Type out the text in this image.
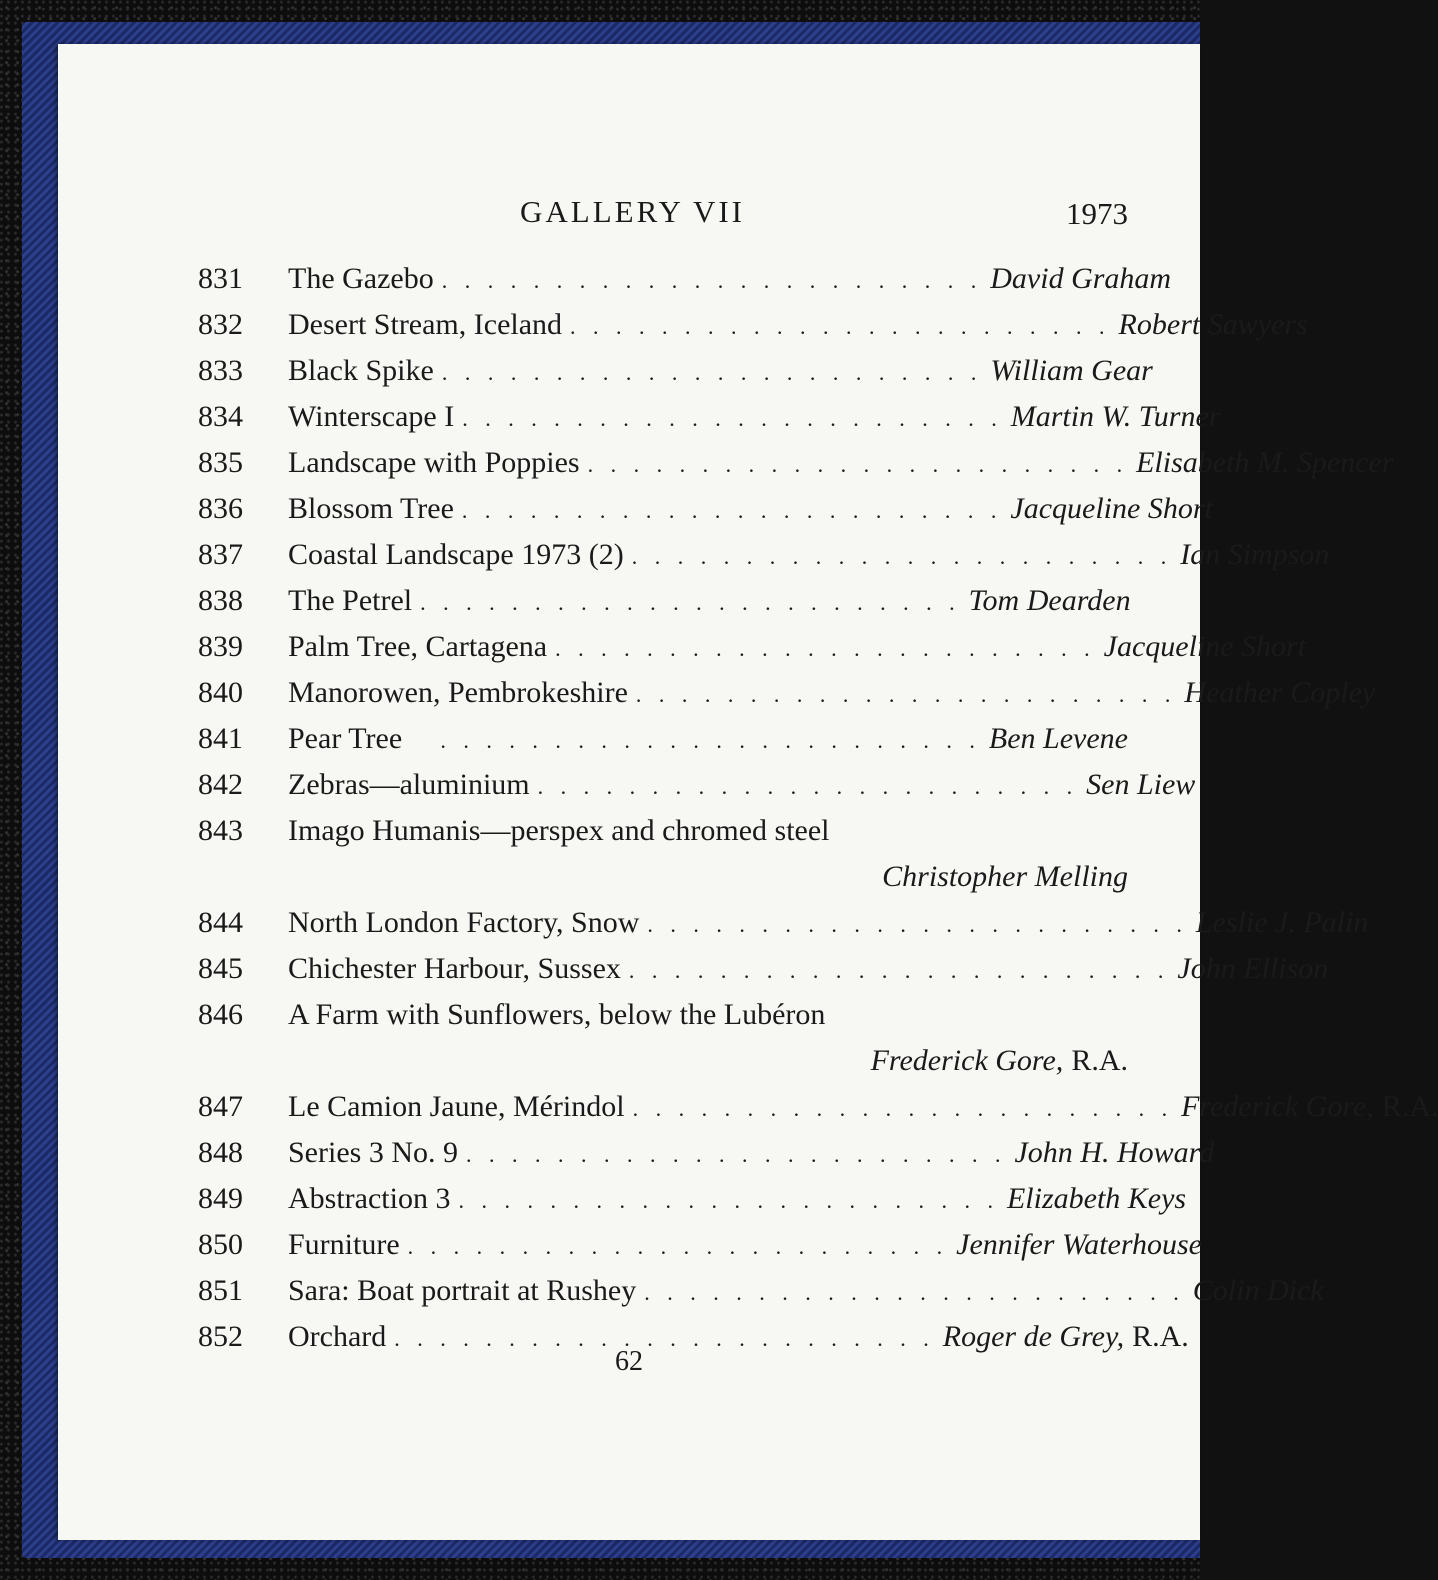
GALLERY VII	1973
831	The Gazebo . . . . . . . . . . . . . . . . . . . . . . . . David Graham
832	Desert Stream, Iceland . . . . . . . . . . . . . . . . . . . . . . . . Robert Sawyers
833	Black Spike . . . . . . . . . . . . . . . . . . . . . . . . William Gear
834	Winterscape I . . . . . . . . . . . . . . . . . . . . . . . . Martin W. Turner
835	Landscape with Poppies . . . . . . . . . . . . . . . . . . . . . . . . Elisabeth M. Spencer
836	Blossom Tree . . . . . . . . . . . . . . . . . . . . . . . . Jacqueline Short
837	Coastal Landscape 1973 (2) . . . . . . . . . . . . . . . . . . . . . . . . Ian Simpson
838	The Petrel . . . . . . . . . . . . . . . . . . . . . . . . Tom Dearden
839	Palm Tree, Cartagena . . . . . . . . . . . . . . . . . . . . . . . . Jacqueline Short
840	Manorowen, Pembrokeshire . . . . . . . . . . . . . . . . . . . . . . . . Heather Copley
841	Pear Tree	. . . . . . . . . . . . . . . . . . . . . . . . Ben Levene
842	Zebras—aluminium . . . . . . . . . . . . . . . . . . . . . . . . Sen Liew
843	Imago Humanis—perspex and chromed steel
Christopher Melling
844	North London Factory, Snow . . . . . . . . . . . . . . . . . . . . . . . . Leslie J. Palin
845	Chichester Harbour, Sussex . . . . . . . . . . . . . . . . . . . . . . . . John Ellison
846	A Farm with Sunflowers, below the Lubéron
Frederick Gore, R.A.
847	Le Camion Jaune, Mérindol . . . . . . . . . . . . . . . . . . . . . . . . Frederick Gore, R.A.
848	Series 3 No. 9 . . . . . . . . . . . . . . . . . . . . . . . . John H. Howard
849	Abstraction 3 . . . . . . . . . . . . . . . . . . . . . . . . Elizabeth Keys
850	Furniture . . . . . . . . . . . . . . . . . . . . . . . . Jennifer Waterhouse
851	Sara: Boat portrait at Rushey . . . . . . . . . . . . . . . . . . . . . . . . Colin Dick
852	Orchard . . . . . . . . . . . . . . . . . . . . . . . . Roger de Grey, R.A.
62
